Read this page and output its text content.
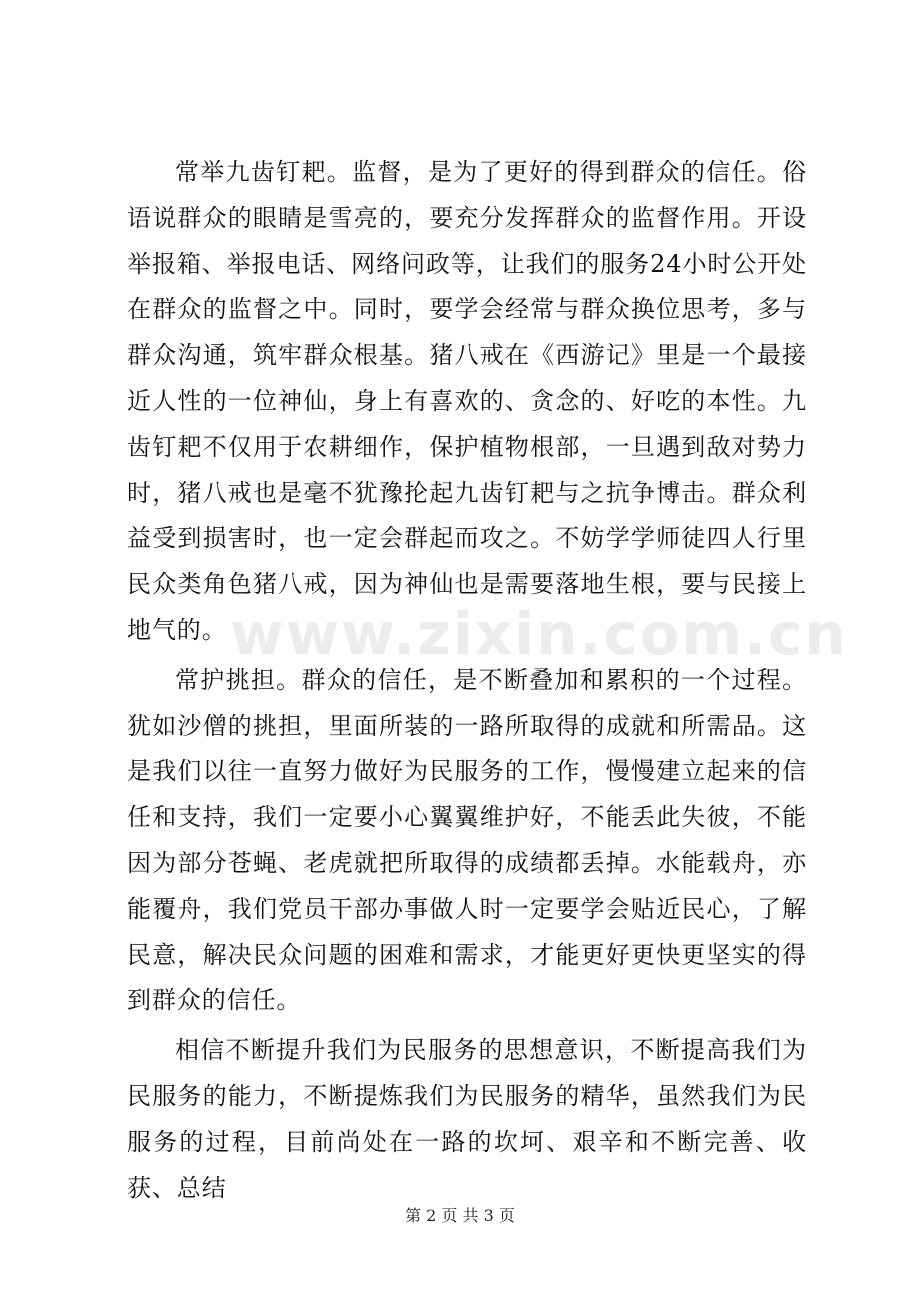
www.zixin.com.cn

常举九齿钉耙。监督，是为了更好的得到群众的信任。俗语说群众的眼睛是雪亮的，要充分发挥群众的监督作用。开设举报箱、举报电话、网络问政等，让我们的服务24小时公开处在群众的监督之中。同时，要学会经常与群众换位思考，多与群众沟通，筑牢群众根基。猪八戒在《西游记》里是一个最接近人性的一位神仙，身上有喜欢的、贪念的、好吃的本性。九齿钉耙不仅用于农耕细作，保护植物根部，一旦遇到敌对势力时，猪八戒也是毫不犹豫抡起九齿钉耙与之抗争博击。群众利益受到损害时，也一定会群起而攻之。不妨学学师徒四人行里民众类角色猪八戒，因为神仙也是需要落地生根，要与民接上地气的。

常护挑担。群众的信任，是不断叠加和累积的一个过程。犹如沙僧的挑担，里面所装的一路所取得的成就和所需品。这是我们以往一直努力做好为民服务的工作，慢慢建立起来的信任和支持，我们一定要小心翼翼维护好，不能丢此失彼，不能因为部分苍蝇、老虎就把所取得的成绩都丢掉。水能载舟，亦能覆舟，我们党员干部办事做人时一定要学会贴近民心，了解民意，解决民众问题的困难和需求，才能更好更快更坚实的得到群众的信任。

相信不断提升我们为民服务的思想意识，不断提高我们为民服务的能力，不断提炼我们为民服务的精华，虽然我们为民服务的过程，目前尚处在一路的坎坷、艰辛和不断完善、收获、总结

第 2 页 共 3 页
